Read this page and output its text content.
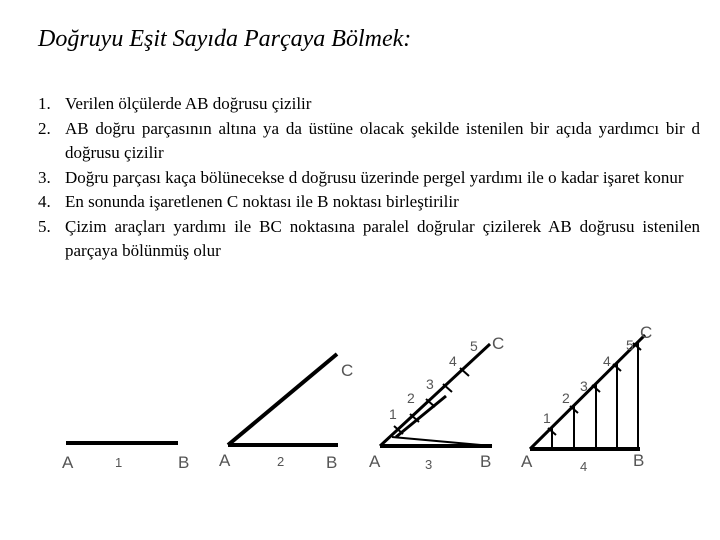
Doğruyu Eşit Sayıda Parçaya Bölmek:
1. Verilen ölçülerde AB doğrusu çizilir
2. AB doğru parçasının altına ya da üstüne olacak şekilde istenilen bir açıda yardımcı bir d doğrusu çizilir
3. Doğru parçası kaça bölünecekse d doğrusu üzerinde pergel yardımı ile o kadar işaret konur
4. En sonunda işaretlenen C noktası ile B noktası birleştirilir
5. Çizim araçları yardımı ile BC noktasına paralel doğrular çizilerek AB doğrusu istenilen parçaya bölünmüş olur
A	B
1
C
A	B
2
1
2
3
4
5 C
A	B
3
1
2
3
4
5
C
A	B
4
